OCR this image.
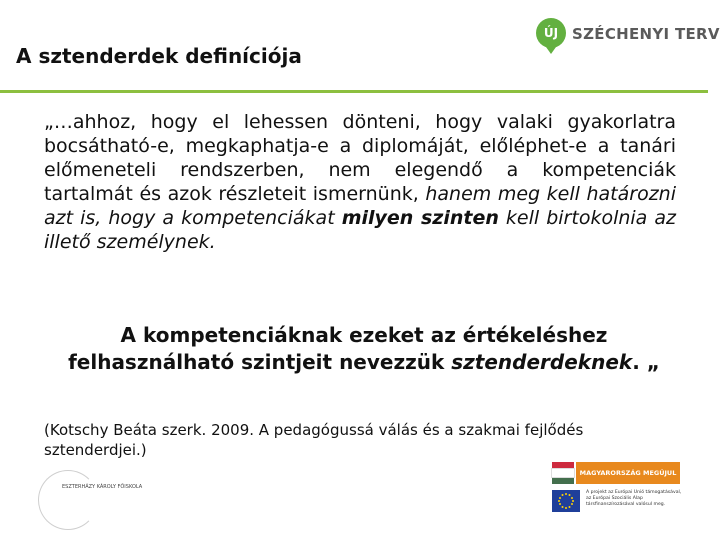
A sztenderdek definíciója
ÚJ SZÉCHENYI TERV
„…ahhoz, hogy el lehessen dönteni, hogy valaki gyakorlatra bocsátható-e, megkaphatja-e a diplomáját, előléphet-e a tanári előmeneteli rendszerben, nem elegendő a kompetenciák tartalmát és azok részleteit ismernünk, hanem meg kell határozni azt is, hogy a kompetenciákat milyen szinten kell birtokolnia az illető személynek.
A kompetenciáknak ezeket az értékeléshez felhasználható szintjeit nevezzük sztenderdeknek. „
(Kotschy Beáta szerk. 2009. A pedagógussá válás és a szakmai fejlődés sztenderdjei.)
ESZTERHÁZY KÁROLY FŐISKOLA
MAGYARORSZÁG MEGÚJUL
A projekt az Európai Unió támogatásával, az Európai Szociális Alap társfinanszírozásával valósul meg.
